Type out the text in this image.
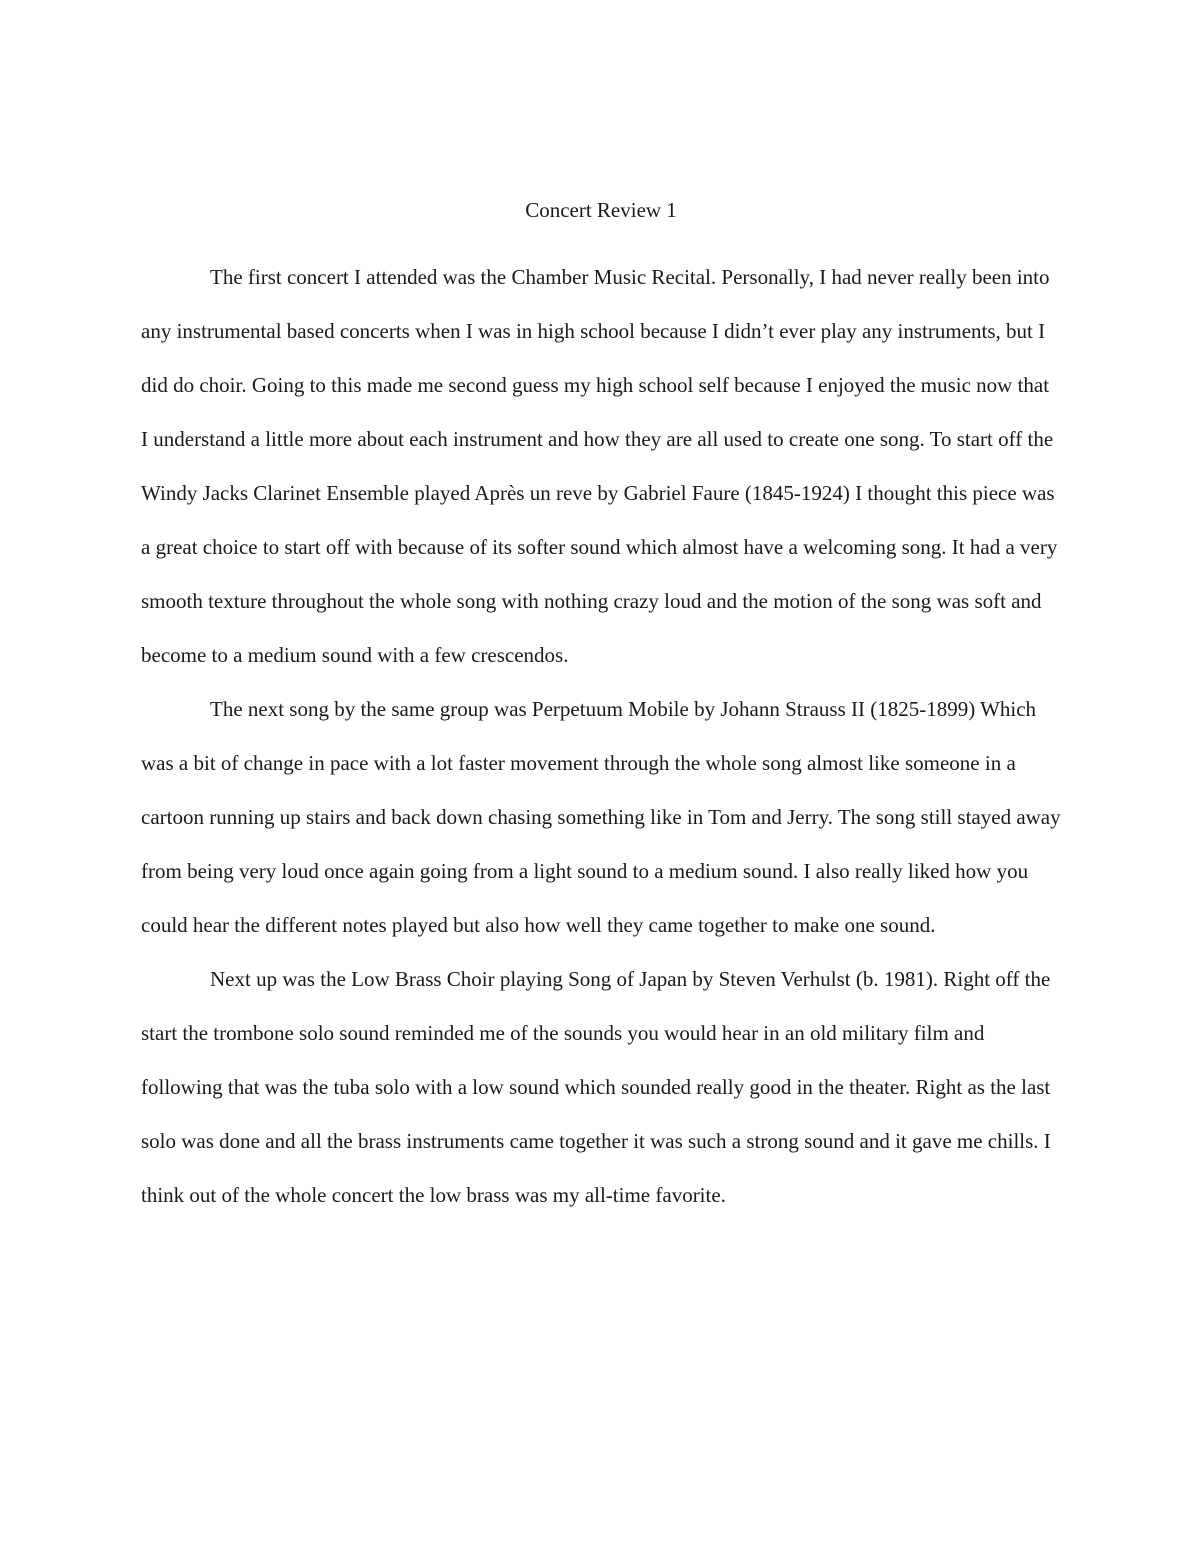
Concert Review 1

The first concert I attended was the Chamber Music Recital. Personally, I had never really been into any instrumental based concerts when I was in high school because I didn’t ever play any instruments, but I did do choir. Going to this made me second guess my high school self because I enjoyed the music now that I understand a little more about each instrument and how they are all used to create one song. To start off the Windy Jacks Clarinet Ensemble played Après un reve by Gabriel Faure (1845-1924) I thought this piece was a great choice to start off with because of its softer sound which almost have a welcoming song. It had a very smooth texture throughout the whole song with nothing crazy loud and the motion of the song was soft and become to a medium sound with a few crescendos.

The next song by the same group was Perpetuum Mobile by Johann Strauss II (1825-1899) Which was a bit of change in pace with a lot faster movement through the whole song almost like someone in a cartoon running up stairs and back down chasing something like in Tom and Jerry. The song still stayed away from being very loud once again going from a light sound to a medium sound. I also really liked how you could hear the different notes played but also how well they came together to make one sound.

Next up was the Low Brass Choir playing Song of Japan by Steven Verhulst (b. 1981). Right off the start the trombone solo sound reminded me of the sounds you would hear in an old military film and following that was the tuba solo with a low sound which sounded really good in the theater. Right as the last solo was done and all the brass instruments came together it was such a strong sound and it gave me chills. I think out of the whole concert the low brass was my all-time favorite.
